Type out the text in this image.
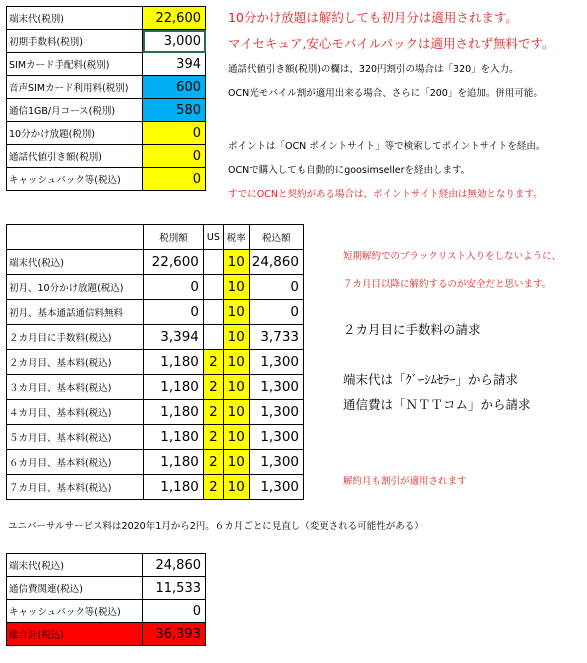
端末代(税別)	22,600
初期手数料(税別)	3,000
SIMカード手配料(税別)	394
音声SIMカード利用料(税別)	600
通信1GB/月コース(税別)	580
10分かけ放題(税別)	0
通話代値引き額(税別)	0
キャッシュバック等(税込)	0
10分かけ放題は解約しても初月分は適用されます。
マイセキュア,安心モバイルパックは適用されず無料です。
通話代値引き額(税別)の欄は、320円割引の場合は「320」を入力。
OCN光モバイル割が適用出来る場合、さらに「200」を追加。併用可能。
ポイントは「OCN ポイントサイト」等で検索してポイントサイトを経由。
OCNで購入しても自動的にgoosimsellerを経由します。
すでにOCNと契約がある場合は、ポイントサイト経由は無効となります。
	税別額	US	税率	税込額
端末代(税込)	22,600		10	24,860
初月、10分かけ放題(税込)	0		10	0
初月、基本通話通信料無料	0		10	0
２カ月目に手数料(税込)	3,394		10	3,733
２カ月目、基本料(税込)	1,180	2	10	1,300
３カ月目、基本料(税込)	1,180	2	10	1,300
４カ月目、基本料(税込)	1,180	2	10	1,300
５カ月目、基本料(税込)	1,180	2	10	1,300
６カ月目、基本料(税込)	1,180	2	10	1,300
７カ月目、基本料(税込)	1,180	2	10	1,300
短期解約でのブラックリスト入りをしないように、
７カ月目以降に解約するのが安全だと思います。
２カ月目に手数料の請求
端末代は「ｸﾞｰｼﾑｾﾗｰ」から請求
通信費は「ＮＴＴコム」から請求
解約月も割引が適用されます
ユニバーサルサービス料は2020年1月から2円。６カ月ごとに見直し（変更される可能性がある）
端末代(税込)	24,860
通信費関連(税込)	11,533
キャッシュバック等(税込)	0
総合計(税込)	36,393
